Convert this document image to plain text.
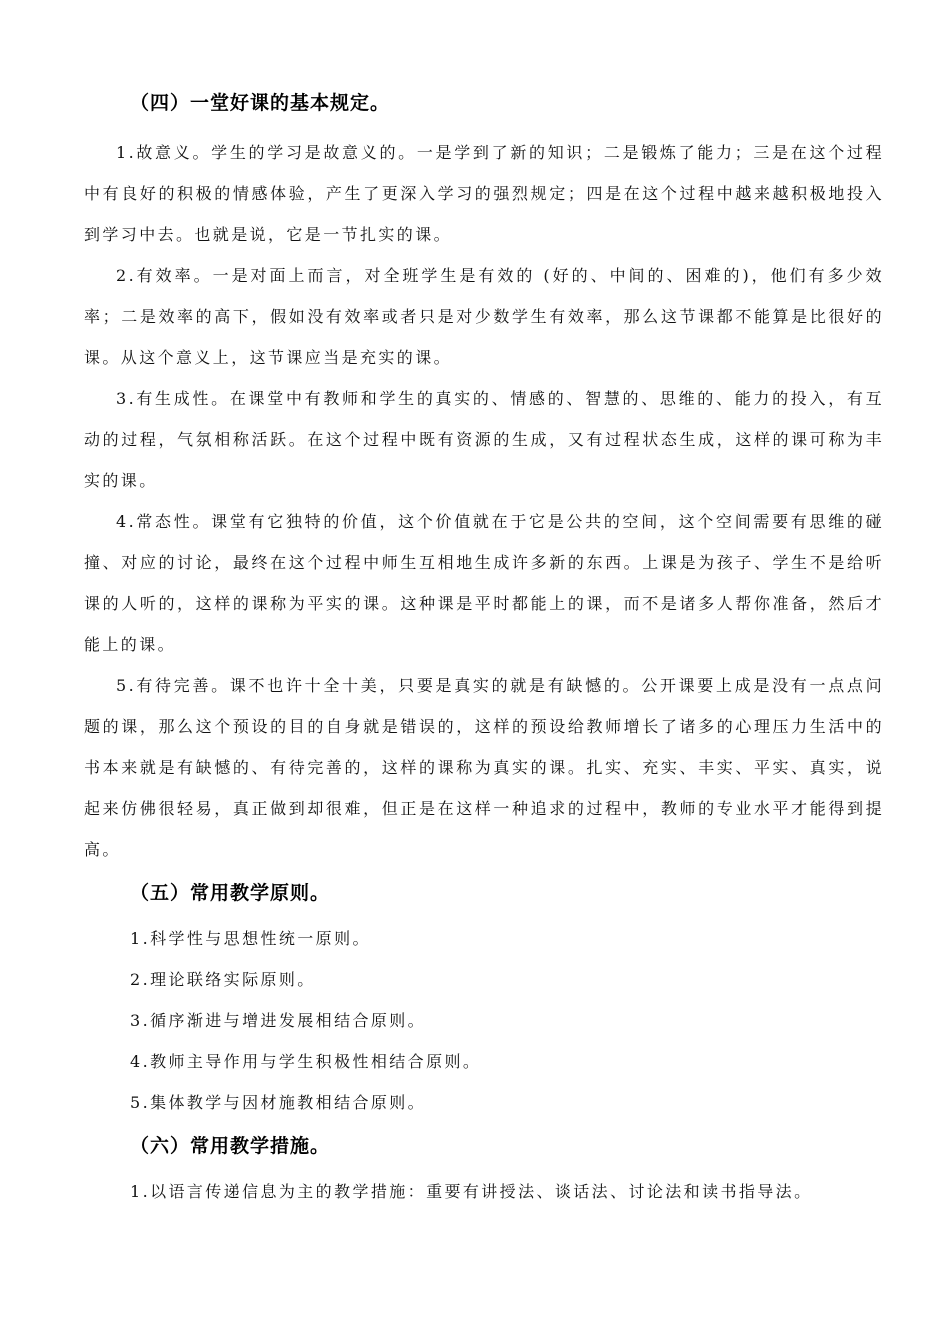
（四）一堂好课的基本规定。

1.故意义。学生的学习是故意义的。一是学到了新的知识；二是锻炼了能力；三是在这个过程中有良好的积极的情感体验，产生了更深入学习的强烈规定；四是在这个过程中越来越积极地投入到学习中去。也就是说，它是一节扎实的课。

2.有效率。一是对面上而言，对全班学生是有效的 (好的、中间的、困难的)，他们有多少效率；二是效率的高下，假如没有效率或者只是对少数学生有效率，那么这节课都不能算是比很好的课。从这个意义上，这节课应当是充实的课。

3.有生成性。在课堂中有教师和学生的真实的、情感的、智慧的、思维的、能力的投入，有互动的过程，气氛相称活跃。在这个过程中既有资源的生成，又有过程状态生成，这样的课可称为丰实的课。

4.常态性。课堂有它独特的价值，这个价值就在于它是公共的空间，这个空间需要有思维的碰撞、对应的讨论，最终在这个过程中师生互相地生成许多新的东西。上课是为孩子、学生不是给听课的人听的，这样的课称为平实的课。这种课是平时都能上的课，而不是诸多人帮你准备，然后才能上的课。

5.有待完善。课不也许十全十美，只要是真实的就是有缺憾的。公开课要上成是没有一点点问题的课，那么这个预设的目的自身就是错误的，这样的预设给教师增长了诸多的心理压力生活中的书本来就是有缺憾的、有待完善的，这样的课称为真实的课。扎实、充实、丰实、平实、真实，说起来仿佛很轻易，真正做到却很难，但正是在这样一种追求的过程中，教师的专业水平才能得到提高。

（五）常用教学原则。

1.科学性与思想性统一原则。

2.理论联络实际原则。

3.循序渐进与增进发展相结合原则。

4.教师主导作用与学生积极性相结合原则。

5.集体教学与因材施教相结合原则。

（六）常用教学措施。

1.以语言传递信息为主的教学措施：重要有讲授法、谈话法、讨论法和读书指导法。
